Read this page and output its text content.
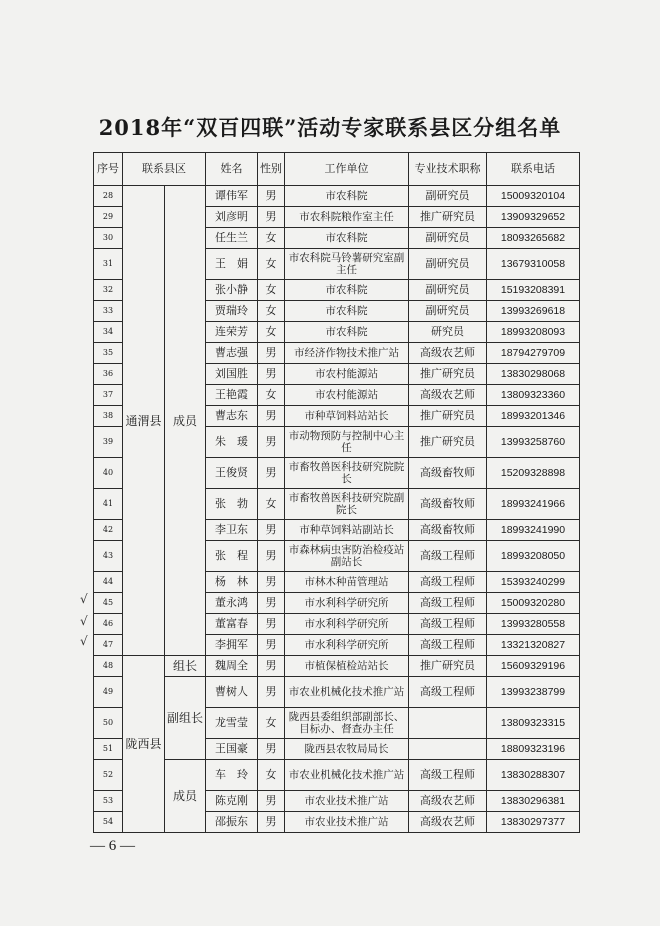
2018年“双百四联”活动专家联系县区分组名单
序号	联系县区		姓名	性别	工作单位	专业技术职称	联系电话
28	通渭县	成员	谭伟军	男	市农科院	副研究员	15009320104
29			刘彦明	男	市农科院粮作室主任	推广研究员	13909329652
30			任生兰	女	市农科院	副研究员	18093265682
31			王　娟	女	市农科院马铃薯研究室副主任	副研究员	13679310058
32			张小静	女	市农科院	副研究员	15193208391
33			贾瑞玲	女	市农科院	副研究员	13993269618
34			连荣芳	女	市农科院	研究员	18993208093
35			曹志强	男	市经济作物技术推广站	高级农艺师	18794279709
36			刘国胜	男	市农村能源站	推广研究员	13830298068
37			王艳霞	女	市农村能源站	高级农艺师	13809323360
38			曹志东	男	市种草饲料站站长	推广研究员	18993201346
39			朱　瑗	男	市动物预防与控制中心主任	推广研究员	13993258760
40			王俊贤	男	市畜牧兽医科技研究院院长	高级畜牧师	15209328898
41			张　勃	女	市畜牧兽医科技研究院副院长	高级畜牧师	18993241966
42			李卫东	男	市种草饲料站副站长	高级畜牧师	18993241990
43			张　程	男	市森林病虫害防治检疫站副站长	高级工程师	18993208050
44			杨　林	男	市林木种苗管理站	高级工程师	15393240299
45			董永鸿	男	市水利科学研究所	高级工程师	15009320280
46			董富春	男	市水利科学研究所	高级工程师	13993280558
47			李拥军	男	市水利科学研究所	高级工程师	13321320827
48	陇西县	组长	魏周全	男	市植保植检站站长	推广研究员	15609329196
49		副组长	曹树人	男	市农业机械化技术推广站	高级工程师	13993238799
50			龙雪莹	女	陇西县委组织部副部长、目标办、督查办主任		13809323315
51			王国豪	男	陇西县农牧局局长		18809323196
52		成员	车　玲	女	市农业机械化技术推广站	高级工程师	13830288307
53			陈克刚	男	市农业技术推广站	高级农艺师	13830296381
54			邵振东	男	市农业技术推广站	高级农艺师	13830297377
√
√
√
— 6 —
